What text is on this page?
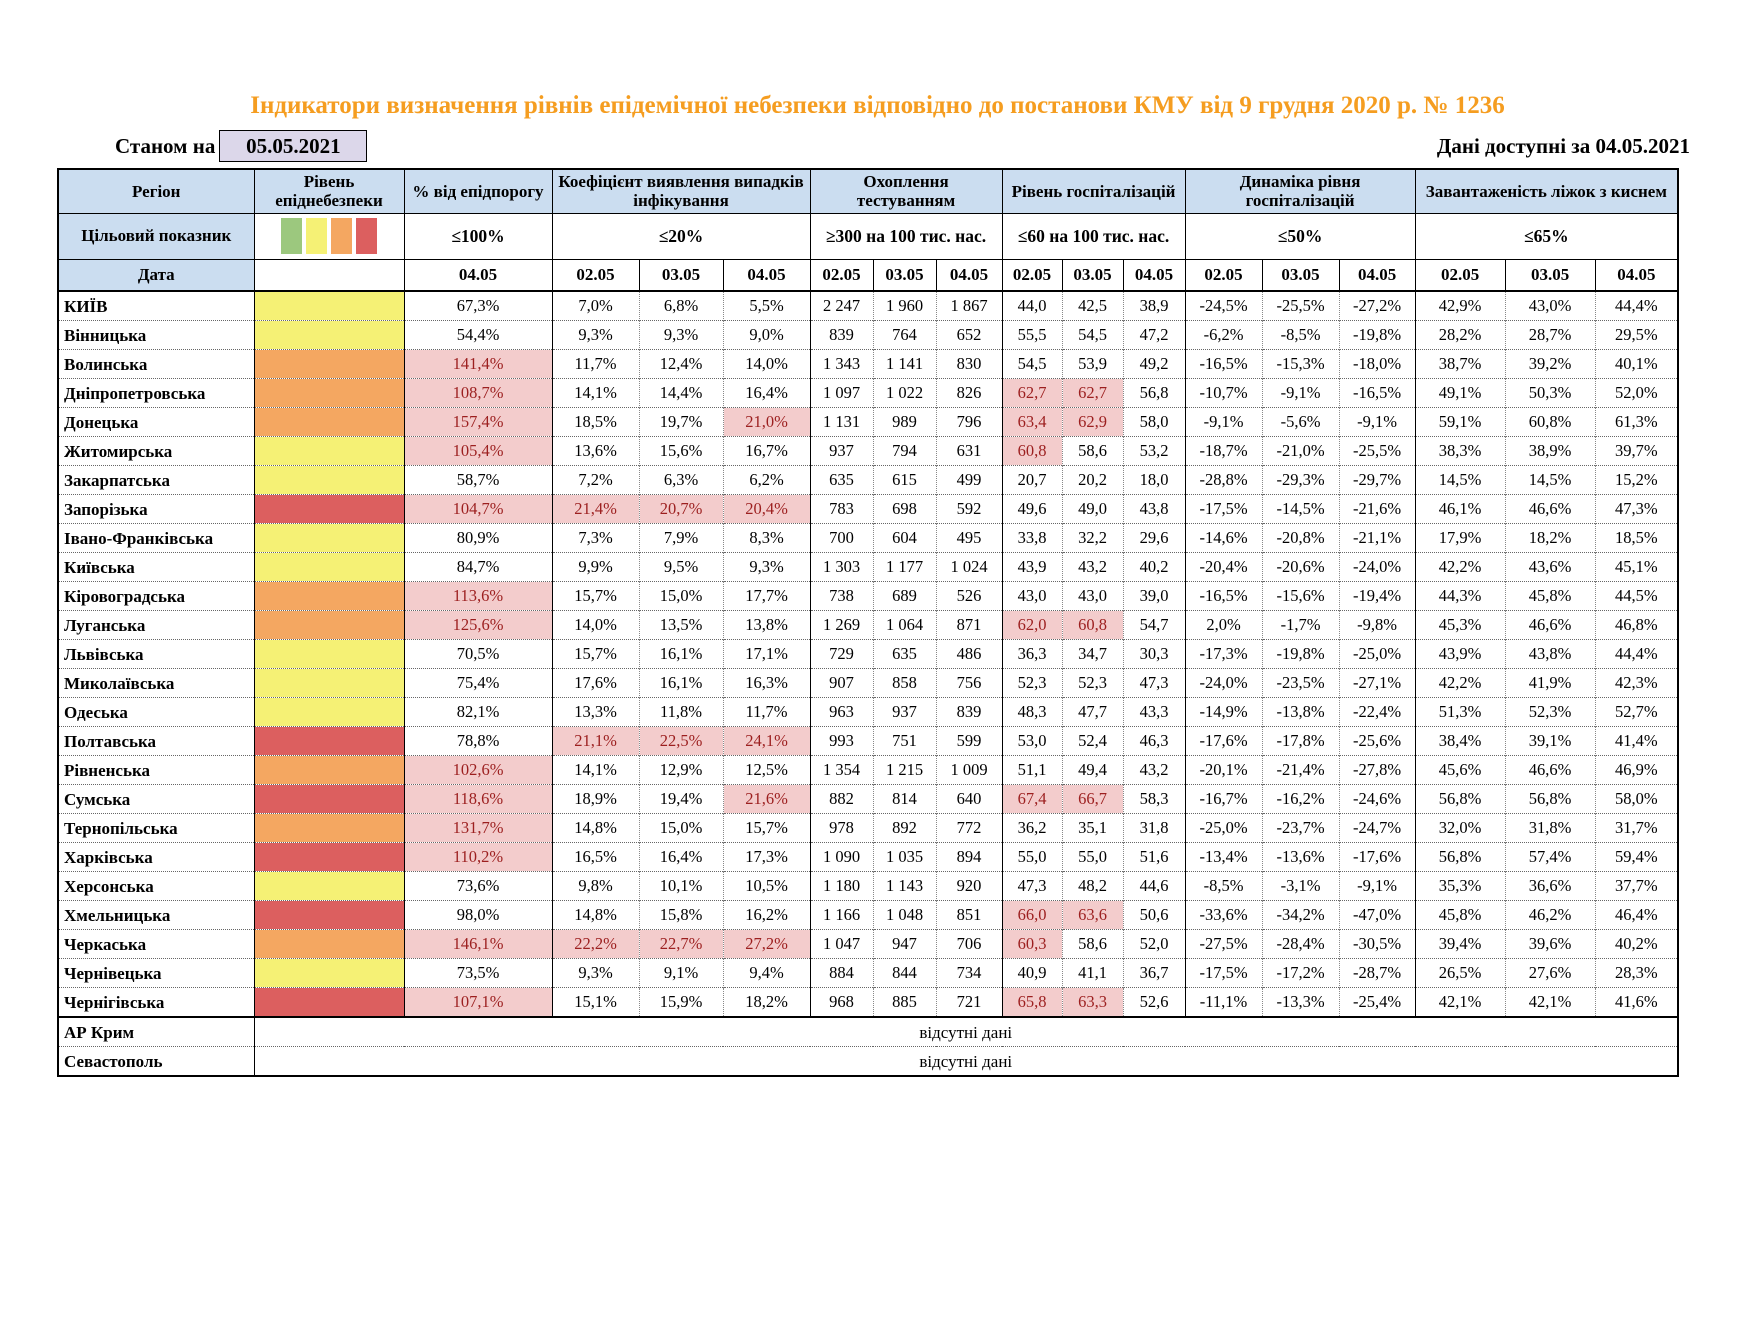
Індикатори визначення рівнів епідемічної небезпеки відповідно до постанови КМУ від 9 грудня 2020 р. № 1236
Станом на	05.05.2021	Дані доступні за 04.05.2021
Регіон	Рівень епіднебезпеки	% від епідпорогу	Коефіцієнт виявлення випадків інфікування			Охоплення тестуванням			Рівень госпіталізацій			Динаміка рівня госпіталізацій			Завантаженість ліжок з киснем		
Цільовий показник		≤100%	≤20%			≥300 на 100 тис. нас.			≤60 на 100 тис. нас.			≤50%			≤65%		
Дата		04.05	02.05	03.05	04.05	02.05	03.05	04.05	02.05	03.05	04.05	02.05	03.05	04.05	02.05	03.05	04.05
КИЇВ		67,3%	7,0%	6,8%	5,5%	2 247	1 960	1 867	44,0	42,5	38,9	-24,5%	-25,5%	-27,2%	42,9%	43,0%	44,4%
Вінницька		54,4%	9,3%	9,3%	9,0%	839	764	652	55,5	54,5	47,2	-6,2%	-8,5%	-19,8%	28,2%	28,7%	29,5%
Волинська		141,4%	11,7%	12,4%	14,0%	1 343	1 141	830	54,5	53,9	49,2	-16,5%	-15,3%	-18,0%	38,7%	39,2%	40,1%
Дніпропетровська		108,7%	14,1%	14,4%	16,4%	1 097	1 022	826	62,7	62,7	56,8	-10,7%	-9,1%	-16,5%	49,1%	50,3%	52,0%
Донецька		157,4%	18,5%	19,7%	21,0%	1 131	989	796	63,4	62,9	58,0	-9,1%	-5,6%	-9,1%	59,1%	60,8%	61,3%
Житомирська		105,4%	13,6%	15,6%	16,7%	937	794	631	60,8	58,6	53,2	-18,7%	-21,0%	-25,5%	38,3%	38,9%	39,7%
Закарпатська		58,7%	7,2%	6,3%	6,2%	635	615	499	20,7	20,2	18,0	-28,8%	-29,3%	-29,7%	14,5%	14,5%	15,2%
Запорізька		104,7%	21,4%	20,7%	20,4%	783	698	592	49,6	49,0	43,8	-17,5%	-14,5%	-21,6%	46,1%	46,6%	47,3%
Івано-Франківська		80,9%	7,3%	7,9%	8,3%	700	604	495	33,8	32,2	29,6	-14,6%	-20,8%	-21,1%	17,9%	18,2%	18,5%
Київська		84,7%	9,9%	9,5%	9,3%	1 303	1 177	1 024	43,9	43,2	40,2	-20,4%	-20,6%	-24,0%	42,2%	43,6%	45,1%
Кіровоградська		113,6%	15,7%	15,0%	17,7%	738	689	526	43,0	43,0	39,0	-16,5%	-15,6%	-19,4%	44,3%	45,8%	44,5%
Луганська		125,6%	14,0%	13,5%	13,8%	1 269	1 064	871	62,0	60,8	54,7	2,0%	-1,7%	-9,8%	45,3%	46,6%	46,8%
Львівська		70,5%	15,7%	16,1%	17,1%	729	635	486	36,3	34,7	30,3	-17,3%	-19,8%	-25,0%	43,9%	43,8%	44,4%
Миколаївська		75,4%	17,6%	16,1%	16,3%	907	858	756	52,3	52,3	47,3	-24,0%	-23,5%	-27,1%	42,2%	41,9%	42,3%
Одеська		82,1%	13,3%	11,8%	11,7%	963	937	839	48,3	47,7	43,3	-14,9%	-13,8%	-22,4%	51,3%	52,3%	52,7%
Полтавська		78,8%	21,1%	22,5%	24,1%	993	751	599	53,0	52,4	46,3	-17,6%	-17,8%	-25,6%	38,4%	39,1%	41,4%
Рівненська		102,6%	14,1%	12,9%	12,5%	1 354	1 215	1 009	51,1	49,4	43,2	-20,1%	-21,4%	-27,8%	45,6%	46,6%	46,9%
Сумська		118,6%	18,9%	19,4%	21,6%	882	814	640	67,4	66,7	58,3	-16,7%	-16,2%	-24,6%	56,8%	56,8%	58,0%
Тернопільська		131,7%	14,8%	15,0%	15,7%	978	892	772	36,2	35,1	31,8	-25,0%	-23,7%	-24,7%	32,0%	31,8%	31,7%
Харківська		110,2%	16,5%	16,4%	17,3%	1 090	1 035	894	55,0	55,0	51,6	-13,4%	-13,6%	-17,6%	56,8%	57,4%	59,4%
Херсонська		73,6%	9,8%	10,1%	10,5%	1 180	1 143	920	47,3	48,2	44,6	-8,5%	-3,1%	-9,1%	35,3%	36,6%	37,7%
Хмельницька		98,0%	14,8%	15,8%	16,2%	1 166	1 048	851	66,0	63,6	50,6	-33,6%	-34,2%	-47,0%	45,8%	46,2%	46,4%
Черкаська		146,1%	22,2%	22,7%	27,2%	1 047	947	706	60,3	58,6	52,0	-27,5%	-28,4%	-30,5%	39,4%	39,6%	40,2%
Чернівецька		73,5%	9,3%	9,1%	9,4%	884	844	734	40,9	41,1	36,7	-17,5%	-17,2%	-28,7%	26,5%	27,6%	28,3%
Чернігівська		107,1%	15,1%	15,9%	18,2%	968	885	721	65,8	63,3	52,6	-11,1%	-13,3%	-25,4%	42,1%	42,1%	41,6%
АР Крим	відсутні дані																
Севастополь	відсутні дані																
